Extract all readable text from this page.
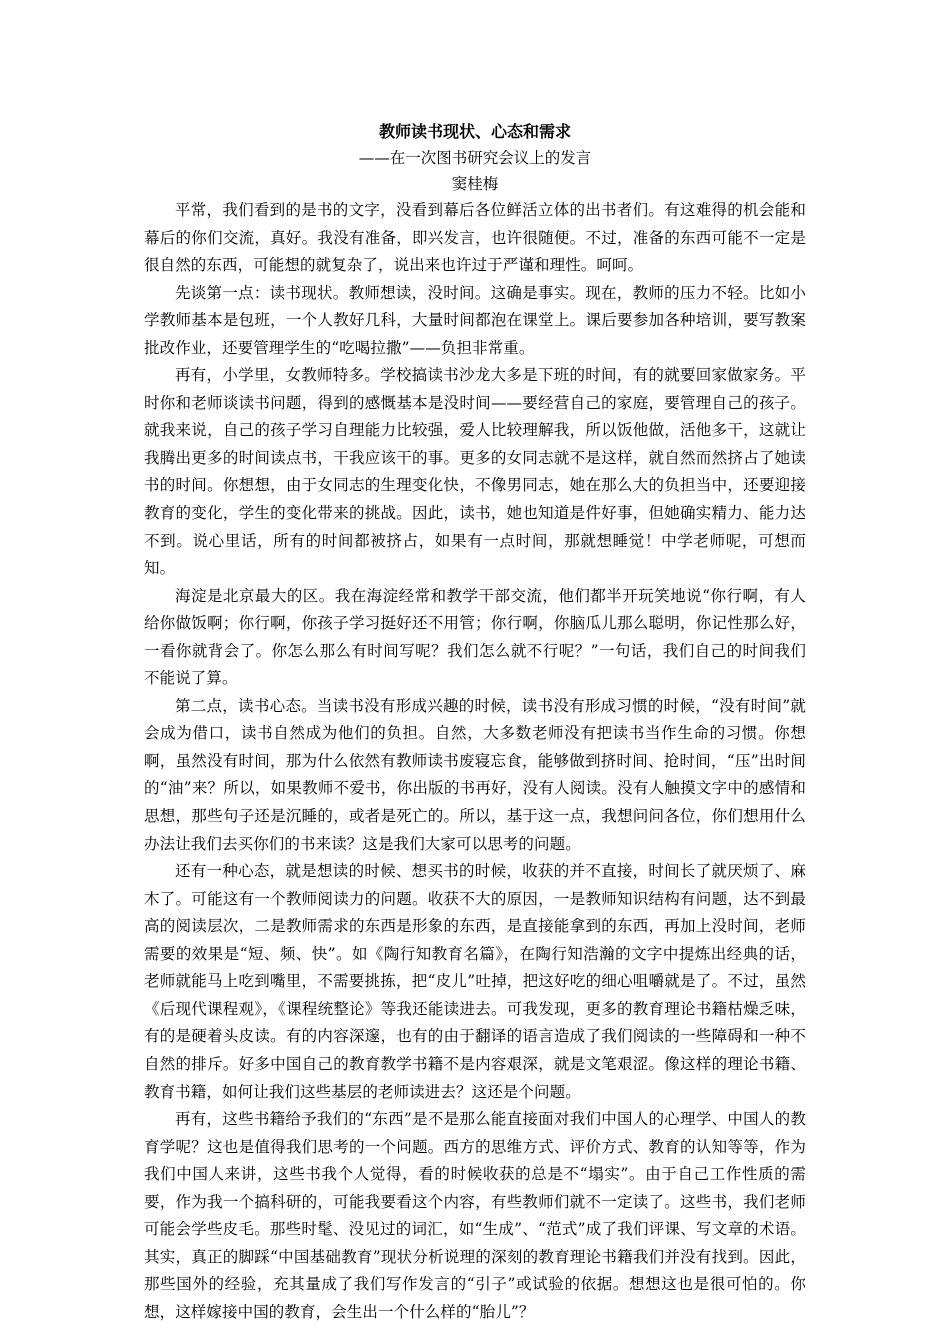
教师读书现状、心态和需求

——在一次图书研究会议上的发言

窦桂梅

平常，我们看到的是书的文字，没看到幕后各位鲜活立体的出书者们。有这难得的机会能和幕后的你们交流，真好。我没有准备，即兴发言，也许很随便。不过，准备的东西可能不一定是很自然的东西，可能想的就复杂了，说出来也许过于严谨和理性。呵呵。

先谈第一点：读书现状。教师想读，没时间。这确是事实。现在，教师的压力不轻。比如小学教师基本是包班，一个人教好几科，大量时间都泡在课堂上。课后要参加各种培训，要写教案批改作业，还要管理学生的“吃喝拉撒”——负担非常重。

再有，小学里，女教师特多。学校搞读书沙龙大多是下班的时间，有的就要回家做家务。平时你和老师谈读书问题，得到的感慨基本是没时间——要经营自己的家庭，要管理自己的孩子。就我来说，自己的孩子学习自理能力比较强，爱人比较理解我，所以饭他做，活他多干，这就让我腾出更多的时间读点书，干我应该干的事。更多的女同志就不是这样，就自然而然挤占了她读书的时间。你想想，由于女同志的生理变化快，不像男同志，她在那么大的负担当中，还要迎接教育的变化，学生的变化带来的挑战。因此，读书，她也知道是件好事，但她确实精力、能力达不到。说心里话，所有的时间都被挤占，如果有一点时间，那就想睡觉！中学老师呢，可想而知。

海淀是北京最大的区。我在海淀经常和教学干部交流，他们都半开玩笑地说“你行啊，有人给你做饭啊；你行啊，你孩子学习挺好还不用管；你行啊，你脑瓜儿那么聪明，你记性那么好，一看你就背会了。你怎么那么有时间写呢？我们怎么就不行呢？”一句话，我们自己的时间我们不能说了算。

第二点，读书心态。当读书没有形成兴趣的时候，读书没有形成习惯的时候，“没有时间”就会成为借口，读书自然成为他们的负担。自然，大多数老师没有把读书当作生命的习惯。你想啊，虽然没有时间，那为什么依然有教师读书废寝忘食，能够做到挤时间、抢时间，“压”出时间的“油”来？所以，如果教师不爱书，你出版的书再好，没有人阅读。没有人触摸文字中的感情和思想，那些句子还是沉睡的，或者是死亡的。所以，基于这一点，我想问问各位，你们想用什么办法让我们去买你们的书来读？这是我们大家可以思考的问题。

还有一种心态，就是想读的时候、想买书的时候，收获的并不直接，时间长了就厌烦了、麻木了。可能这有一个教师阅读力的问题。收获不大的原因，一是教师知识结构有问题，达不到最高的阅读层次，二是教师需求的东西是形象的东西，是直接能拿到的东西，再加上没时间，老师需要的效果是“短、频、快”。如《陶行知教育名篇》，在陶行知浩瀚的文字中提炼出经典的话，老师就能马上吃到嘴里，不需要挑拣，把“皮儿”吐掉，把这好吃的细心咀嚼就是了。不过，虽然《后现代课程观》，《课程统整论》等我还能读进去。可我发现，更多的教育理论书籍枯燥乏味，有的是硬着头皮读。有的内容深邃，也有的由于翻译的语言造成了我们阅读的一些障碍和一种不自然的排斥。好多中国自己的教育教学书籍不是内容艰深，就是文笔艰涩。像这样的理论书籍、教育书籍，如何让我们这些基层的老师读进去？这还是个问题。

再有，这些书籍给予我们的“东西”是不是那么能直接面对我们中国人的心理学、中国人的教育学呢？这也是值得我们思考的一个问题。西方的思维方式、评价方式、教育的认知等等，作为我们中国人来讲，这些书我个人觉得，看的时候收获的总是不“塌实”。由于自己工作性质的需要，作为我一个搞科研的，可能我要看这个内容，有些教师们就不一定读了。这些书，我们老师可能会学些皮毛。那些时髦、没见过的词汇，如“生成”、“范式”成了我们评课、写文章的术语。其实，真正的脚踩“中国基础教育”现状分析说理的深刻的教育理论书籍我们并没有找到。因此，那些国外的经验，充其量成了我们写作发言的“引子”或试验的依据。想想这也是很可怕的。你想，这样嫁接中国的教育，会生出一个什么样的“胎儿”？
